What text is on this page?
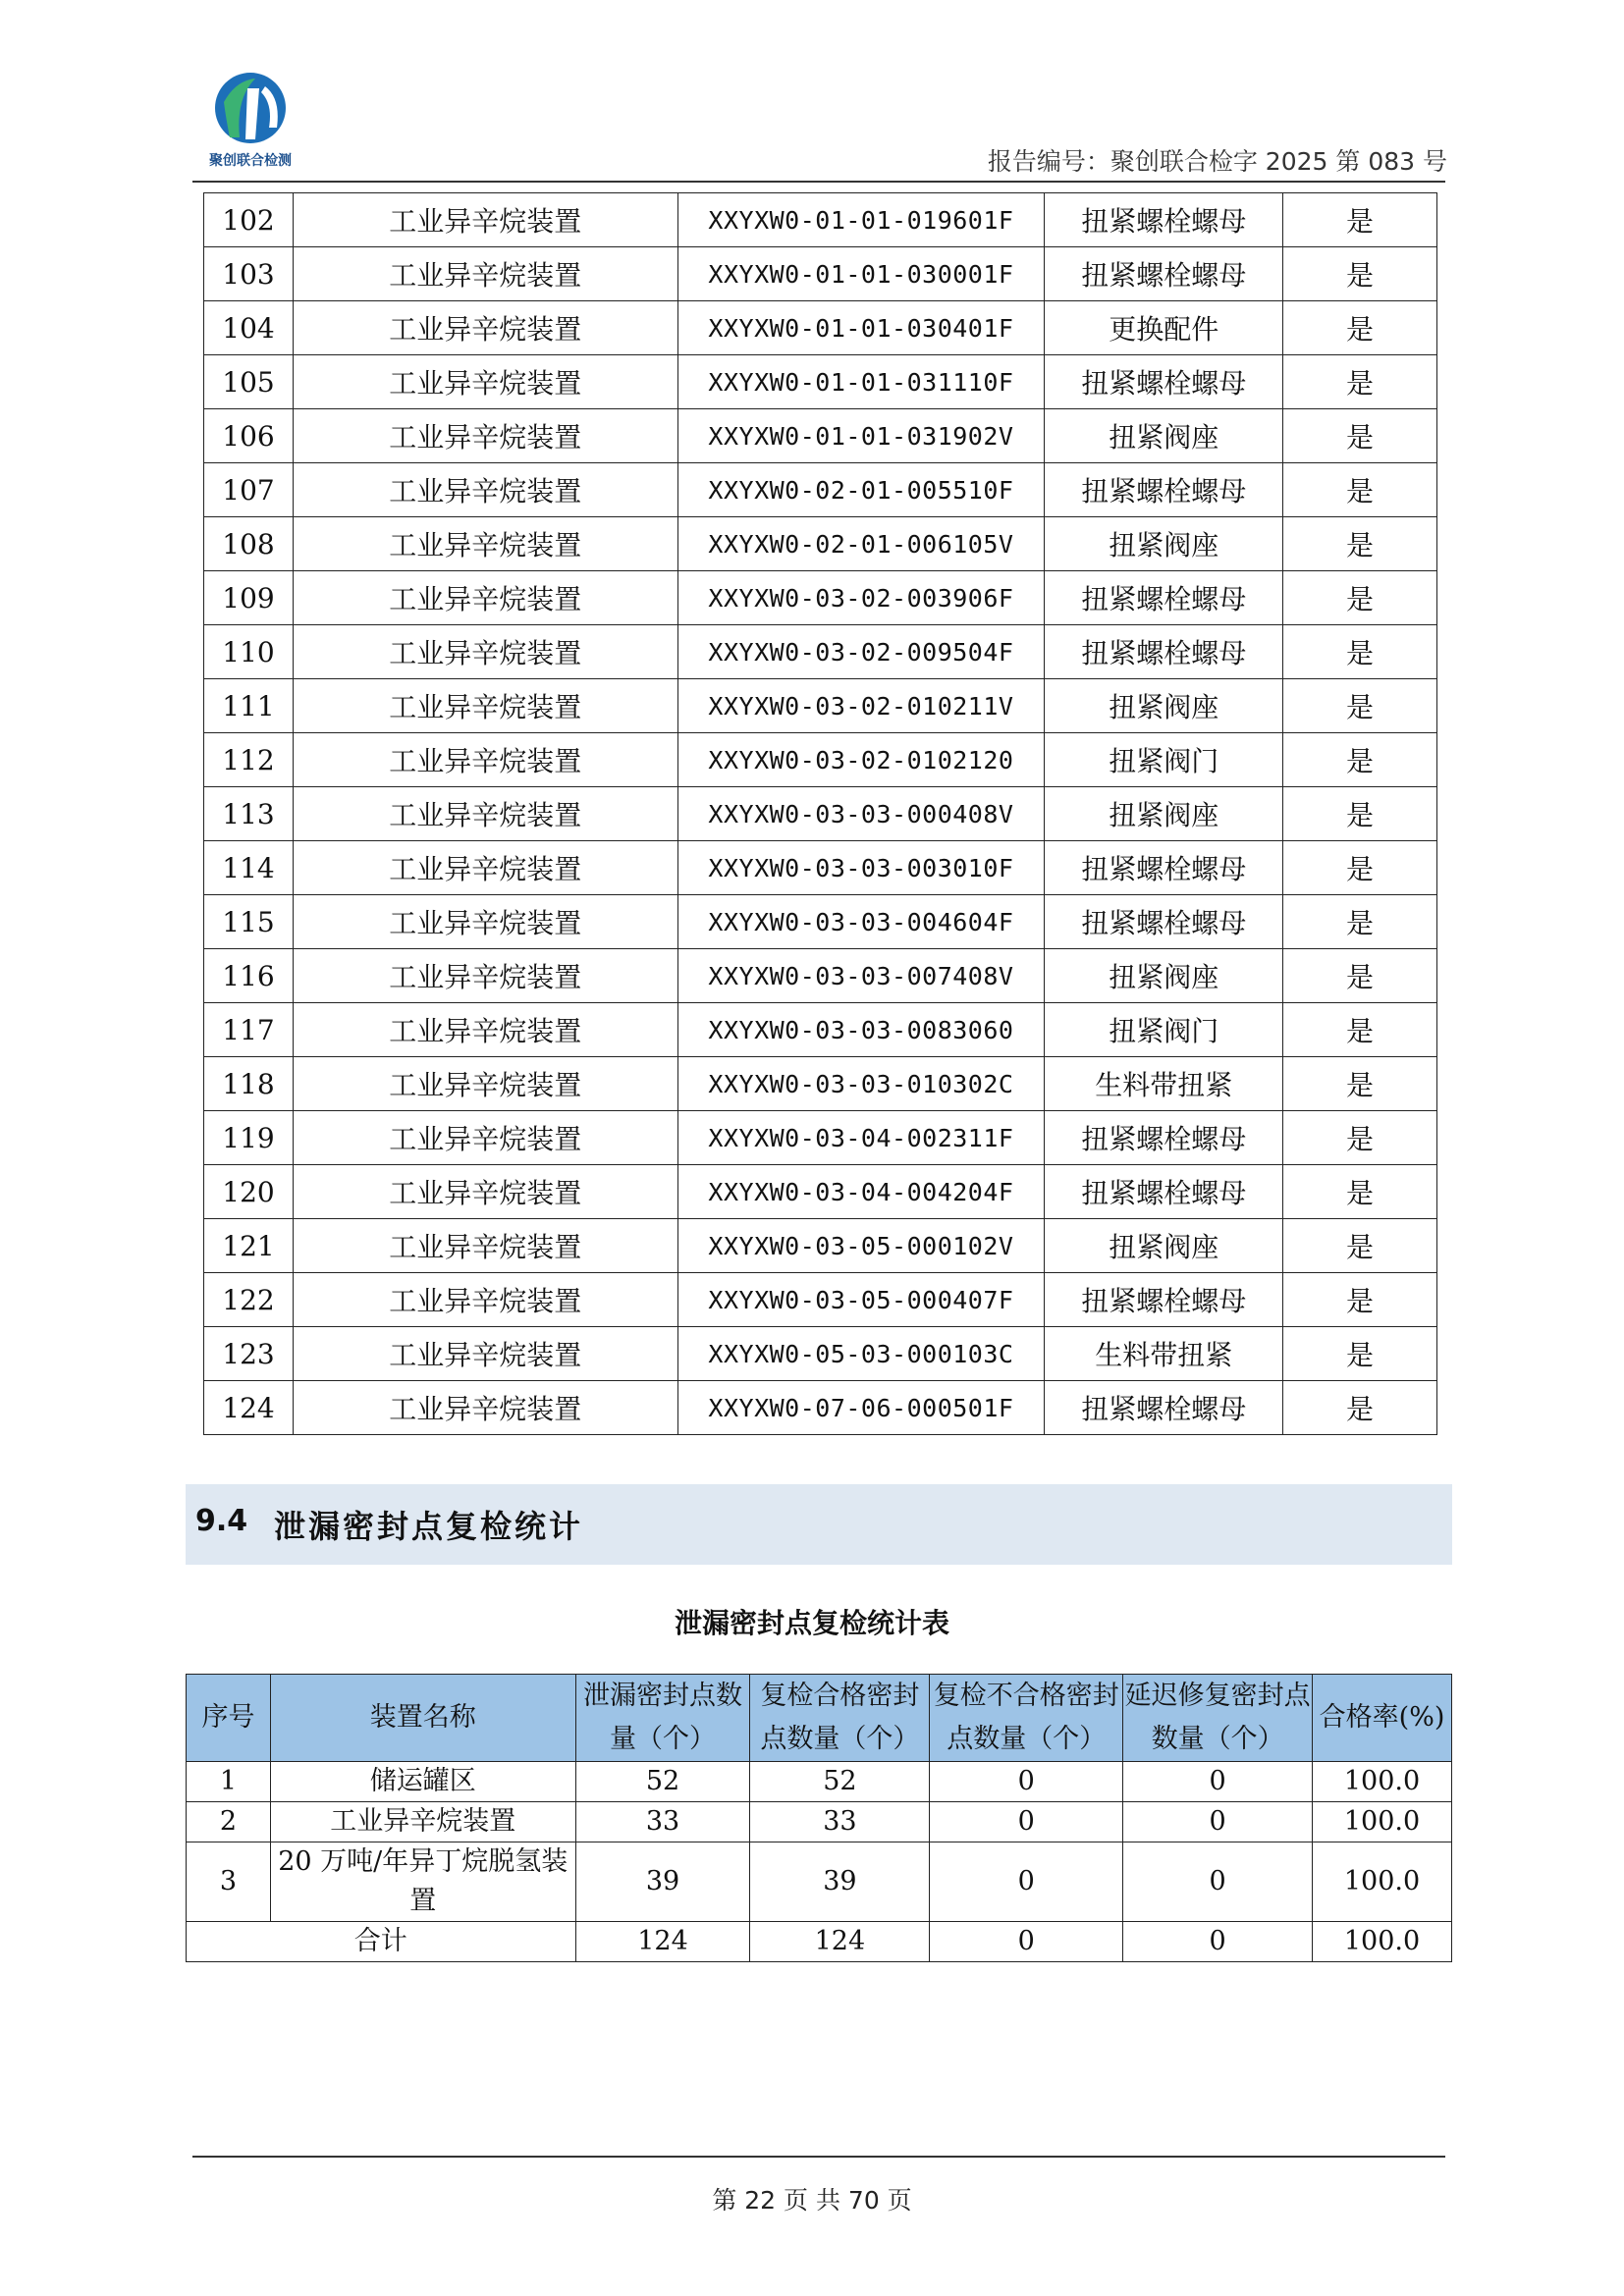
聚创联合检测	报告编号：聚创联合检字 2025 第 083 号
102	工业异辛烷装置	XXYXW0-01-01-019601F	扭紧螺栓螺母	是
103	工业异辛烷装置	XXYXW0-01-01-030001F	扭紧螺栓螺母	是
104	工业异辛烷装置	XXYXW0-01-01-030401F	更换配件	是
105	工业异辛烷装置	XXYXW0-01-01-031110F	扭紧螺栓螺母	是
106	工业异辛烷装置	XXYXW0-01-01-031902V	扭紧阀座	是
107	工业异辛烷装置	XXYXW0-02-01-005510F	扭紧螺栓螺母	是
108	工业异辛烷装置	XXYXW0-02-01-006105V	扭紧阀座	是
109	工业异辛烷装置	XXYXW0-03-02-003906F	扭紧螺栓螺母	是
110	工业异辛烷装置	XXYXW0-03-02-009504F	扭紧螺栓螺母	是
111	工业异辛烷装置	XXYXW0-03-02-010211V	扭紧阀座	是
112	工业异辛烷装置	XXYXW0-03-02-0102120	扭紧阀门	是
113	工业异辛烷装置	XXYXW0-03-03-000408V	扭紧阀座	是
114	工业异辛烷装置	XXYXW0-03-03-003010F	扭紧螺栓螺母	是
115	工业异辛烷装置	XXYXW0-03-03-004604F	扭紧螺栓螺母	是
116	工业异辛烷装置	XXYXW0-03-03-007408V	扭紧阀座	是
117	工业异辛烷装置	XXYXW0-03-03-0083060	扭紧阀门	是
118	工业异辛烷装置	XXYXW0-03-03-010302C	生料带扭紧	是
119	工业异辛烷装置	XXYXW0-03-04-002311F	扭紧螺栓螺母	是
120	工业异辛烷装置	XXYXW0-03-04-004204F	扭紧螺栓螺母	是
121	工业异辛烷装置	XXYXW0-03-05-000102V	扭紧阀座	是
122	工业异辛烷装置	XXYXW0-03-05-000407F	扭紧螺栓螺母	是
123	工业异辛烷装置	XXYXW0-05-03-000103C	生料带扭紧	是
124	工业异辛烷装置	XXYXW0-07-06-000501F	扭紧螺栓螺母	是
9.4 泄漏密封点复检统计
泄漏密封点复检统计表
序号	装置名称	泄漏密封点数量（个）	复检合格密封点数量（个）	复检不合格密封点数量（个）	延迟修复密封点数量（个）	合格率(%)
1	储运罐区	52	52	0	0	100.0
2	工业异辛烷装置	33	33	0	0	100.0
3	20 万吨/年异丁烷脱氢装置	39	39	0	0	100.0
合计		124	124	0	0	100.0
第 22 页 共 70 页
